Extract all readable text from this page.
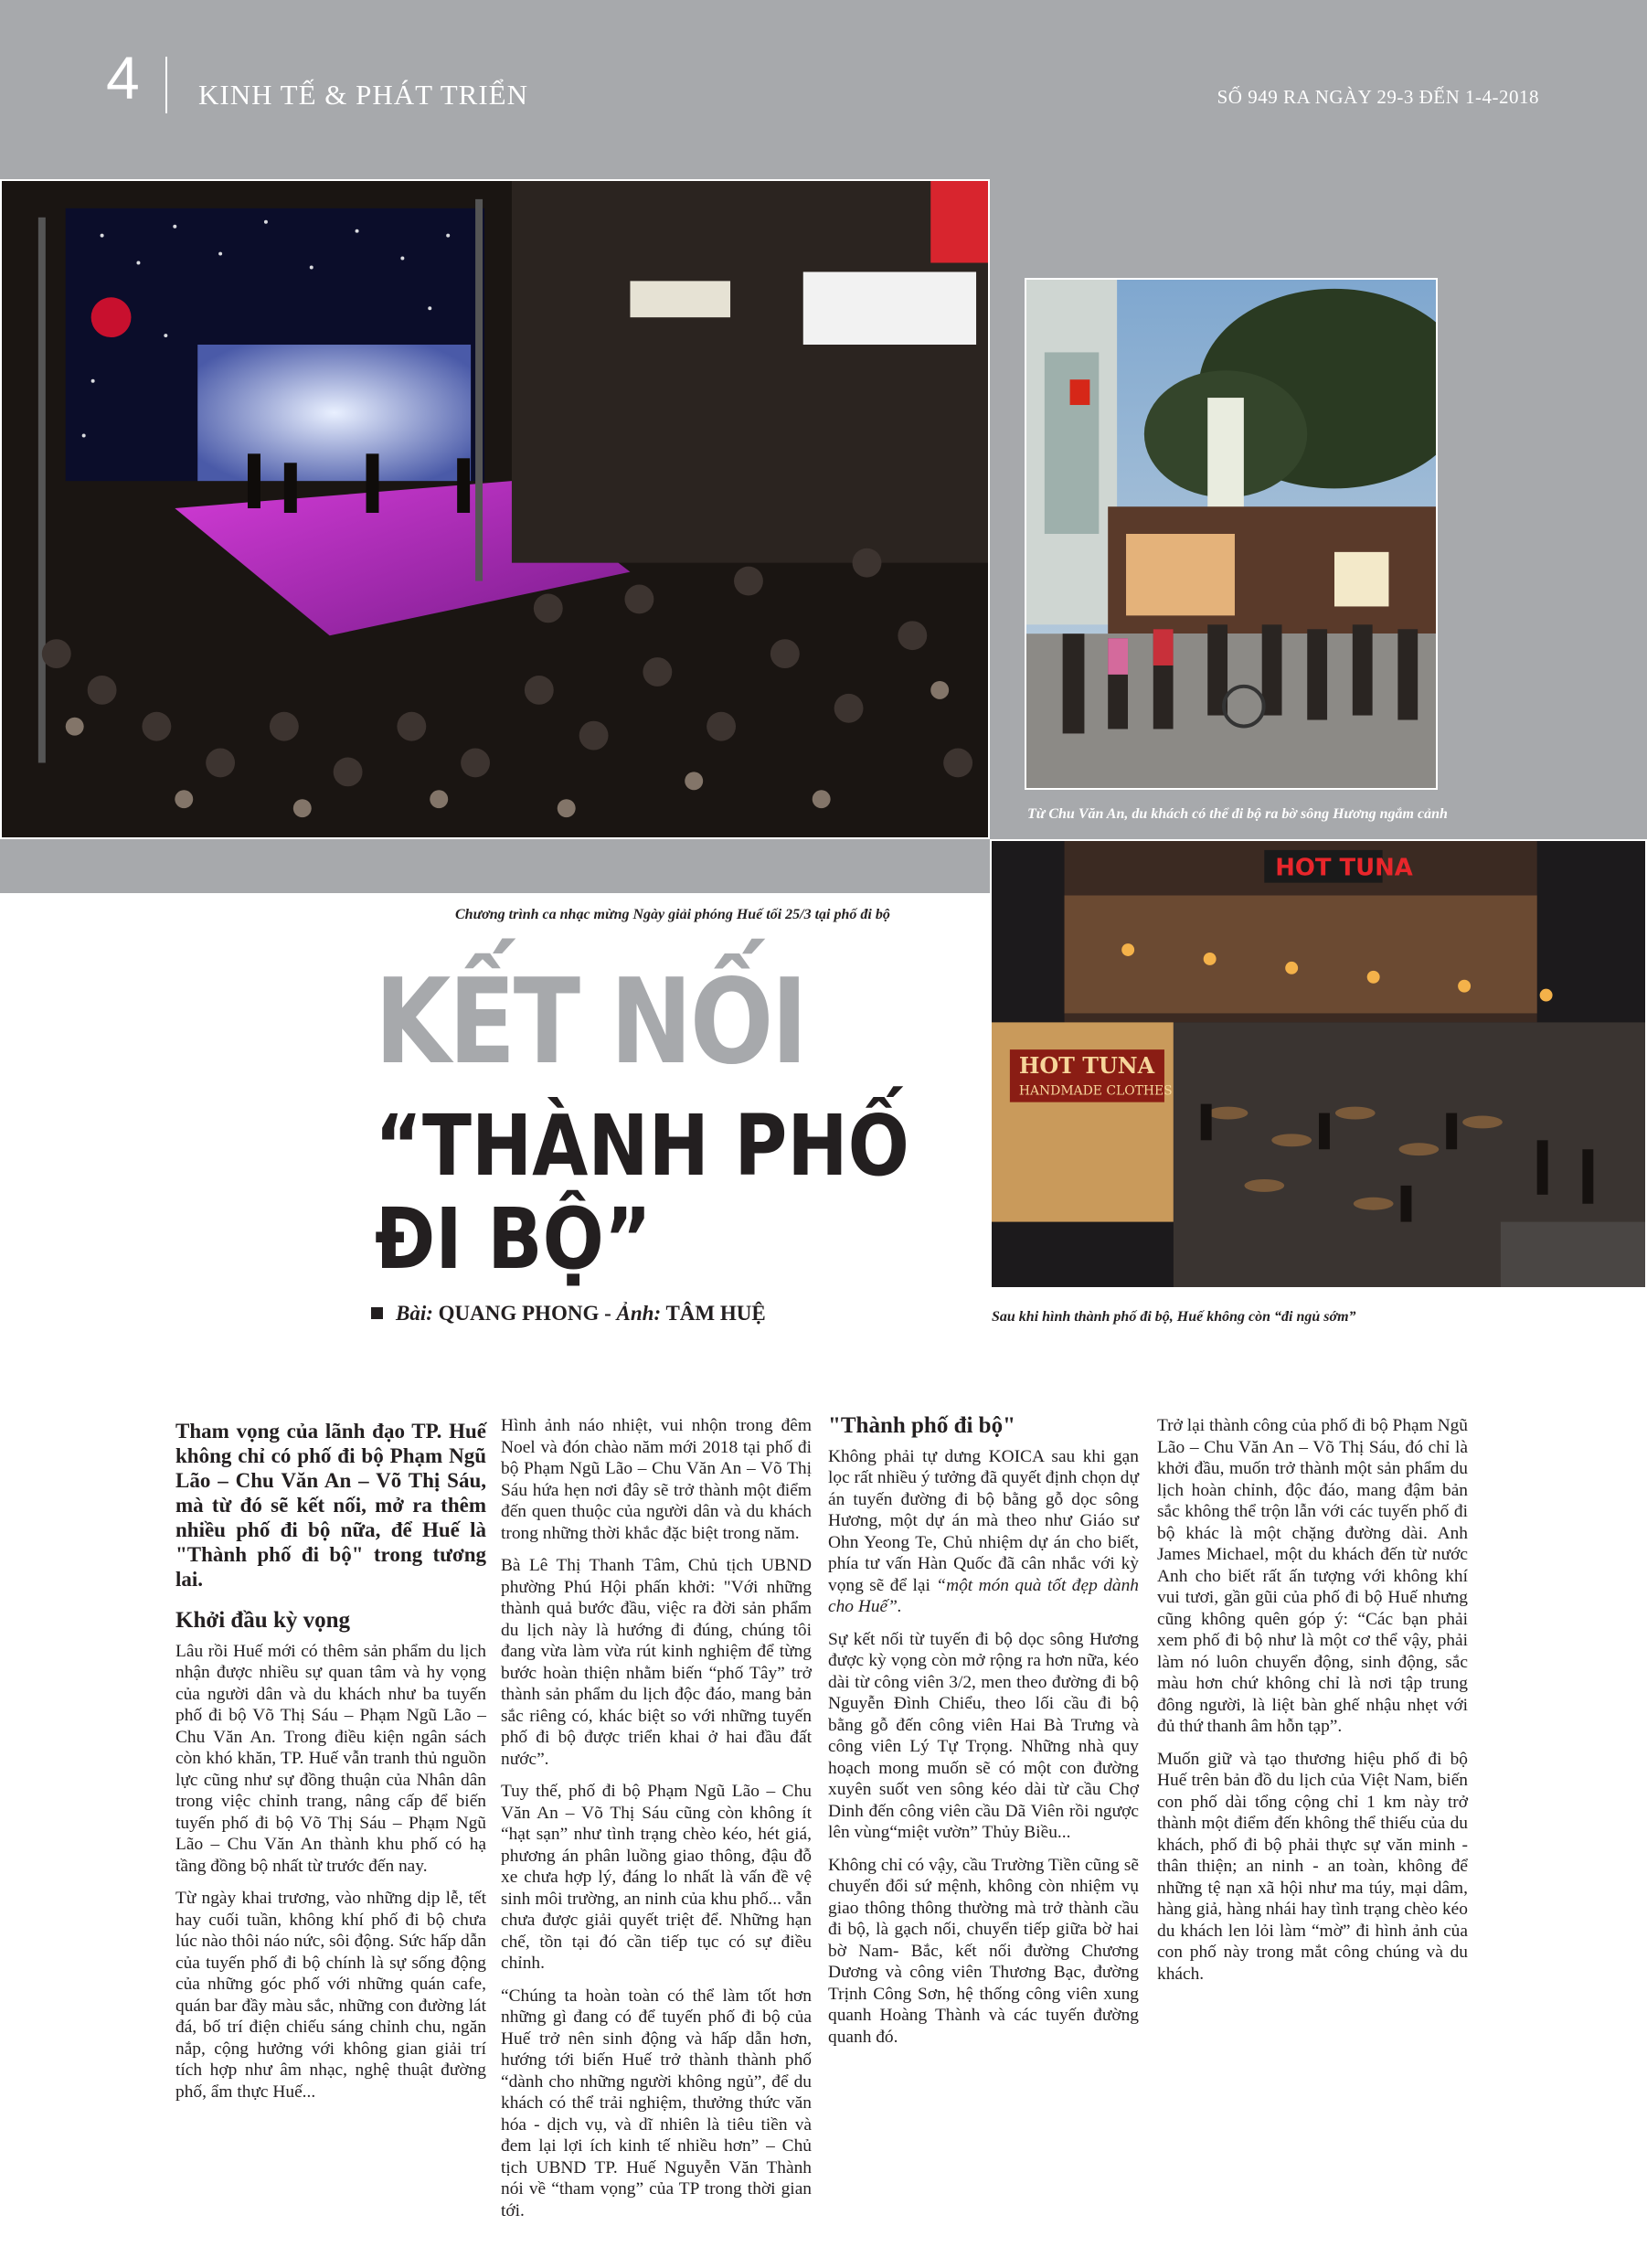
4 KINH TẾ & PHÁT TRIỂN	SỐ 949 RA NGÀY 29-3 ĐẾN 1-4-2018
HOT TUNA
HOT TUNA
HANDMADE CLOTHES
Từ Chu Văn An, du khách có thể đi bộ ra bờ sông Hương ngắm cảnh
Chương trình ca nhạc mừng Ngày giải phóng Huế tối 25/3 tại phố đi bộ
Sau khi hình thành phố đi bộ, Huế không còn “đi ngủ sớm”
KẾT NỐI
“THÀNH PHỐ
ĐI BỘ”
Bài: QUANG PHONG - Ảnh: TÂM HUỆ

Tham vọng của lãnh đạo TP. Huế không chỉ có phố đi bộ Phạm Ngũ Lão – Chu Văn An – Võ Thị Sáu, mà từ đó sẽ kết nối, mở ra thêm nhiều phố đi bộ nữa, để Huế là "Thành phố đi bộ" trong tương lai.

Khởi đầu kỳ vọng

Lâu rồi Huế mới có thêm sản phẩm du lịch nhận được nhiều sự quan tâm và hy vọng của người dân và du khách như ba tuyến phố đi bộ Võ Thị Sáu – Phạm Ngũ Lão – Chu Văn An. Trong điều kiện ngân sách còn khó khăn, TP. Huế vẫn tranh thủ nguồn lực cũng như sự đồng thuận của Nhân dân trong việc chỉnh trang, nâng cấp để biến tuyến phố đi bộ Võ Thị Sáu – Phạm Ngũ Lão – Chu Văn An thành khu phố có hạ tầng đồng bộ nhất từ trước đến nay.

Từ ngày khai trương, vào những dịp lễ, tết hay cuối tuần, không khí phố đi bộ chưa lúc nào thôi náo nức, sôi động. Sức hấp dẫn của tuyến phố đi bộ chính là sự sống động của những góc phố với những quán cafe, quán bar đầy màu sắc, những con đường lát đá, bố trí điện chiếu sáng chỉnh chu, ngăn nắp, cộng hưởng với không gian giải trí tích hợp như âm nhạc, nghệ thuật đường phố, ẩm thực Huế...

Hình ảnh náo nhiệt, vui nhộn trong đêm Noel và đón chào năm mới 2018 tại phố đi bộ Phạm Ngũ Lão – Chu Văn An – Võ Thị Sáu hứa hẹn nơi đây sẽ trở thành một điểm đến quen thuộc của người dân và du khách trong những thời khắc đặc biệt trong năm.

Bà Lê Thị Thanh Tâm, Chủ tịch UBND phường Phú Hội phấn khởi: "Với những thành quả bước đầu, việc ra đời sản phẩm du lịch này là hướng đi đúng, chúng tôi đang vừa làm vừa rút kinh nghiệm để từng bước hoàn thiện nhằm biến “phố Tây” trở thành sản phẩm du lịch độc đáo, mang bản sắc riêng có, khác biệt so với những tuyến phố đi bộ được triển khai ở hai đầu đất nước”.

Tuy thế, phố đi bộ Phạm Ngũ Lão – Chu Văn An – Võ Thị Sáu cũng còn không ít “hạt sạn” như tình trạng chèo kéo, hét giá, phương án phân luồng giao thông, đậu đỗ xe chưa hợp lý, đáng lo nhất là vấn đề vệ sinh môi trường, an ninh của khu phố... vẫn chưa được giải quyết triệt để. Những hạn chế, tồn tại đó cần tiếp tục có sự điều chỉnh.

“Chúng ta hoàn toàn có thể làm tốt hơn những gì đang có để tuyến phố đi bộ của Huế trở nên sinh động và hấp dẫn hơn, hướng tới biến Huế trở thành thành phố “dành cho những người không ngủ”, để du khách có thể trải nghiệm, thưởng thức văn hóa - dịch vụ, và dĩ nhiên là tiêu tiền và đem lại lợi ích kinh tế nhiều hơn” – Chủ tịch UBND TP. Huế Nguyễn Văn Thành nói về “tham vọng” của TP trong thời gian tới.

"Thành phố đi bộ"

Không phải tự dưng KOICA sau khi gạn lọc rất nhiều ý tưởng đã quyết định chọn dự án tuyến đường đi bộ bằng gỗ dọc sông Hương, một dự án mà theo như Giáo sư Ohn Yeong Te, Chủ nhiệm dự án cho biết, phía tư vấn Hàn Quốc đã cân nhắc với kỳ vọng sẽ để lại “một món quà tốt đẹp dành cho Huế”.

Sự kết nối từ tuyến đi bộ dọc sông Hương được kỳ vọng còn mở rộng ra hơn nữa, kéo dài từ công viên 3/2, men theo đường đi bộ Nguyễn Đình Chiểu, theo lối cầu đi bộ bằng gỗ đến công viên Hai Bà Trưng và công viên Lý Tự Trọng. Những nhà quy hoạch mong muốn sẽ có một con đường xuyên suốt ven sông kéo dài từ cầu Chợ Dinh đến công viên cầu Dã Viên rồi ngược lên vùng“miệt vườn” Thủy Biều...

Không chỉ có vậy, cầu Trường Tiền cũng sẽ chuyển đổi sứ mệnh, không còn nhiệm vụ giao thông thông thường mà trở thành cầu đi bộ, là gạch nối, chuyển tiếp giữa bờ hai bờ Nam- Bắc, kết nối đường Chương Dương và công viên Thương Bạc, đường Trịnh Công Sơn, hệ thống công viên xung quanh Hoàng Thành và các tuyến đường quanh đó.

Trở lại thành công của phố đi bộ Phạm Ngũ Lão – Chu Văn An – Võ Thị Sáu, đó chỉ là khởi đầu, muốn trở thành một sản phẩm du lịch hoàn chỉnh, độc đáo, mang đậm bản sắc không thể trộn lẫn với các tuyến phố đi bộ khác là một chặng đường dài. Anh James Michael, một du khách đến từ nước Anh cho biết rất ấn tượng với không khí vui tươi, gần gũi của phố đi bộ Huế nhưng cũng không quên góp ý: “Các bạn phải xem phố đi bộ như là một cơ thể vậy, phải làm nó luôn chuyển động, sinh động, sắc màu hơn chứ không chỉ là nơi tập trung đông người, là liệt bàn ghế nhậu nhẹt với đủ thứ thanh âm hỗn tạp”.

Muốn giữ và tạo thương hiệu phố đi bộ Huế trên bản đồ du lịch của Việt Nam, biến con phố dài tổng cộng chỉ 1 km này trở thành một điểm đến không thể thiếu của du khách, phố đi bộ phải thực sự văn minh - thân thiện; an ninh - an toàn, không để những tệ nạn xã hội như ma túy, mại dâm, hàng giả, hàng nhái hay tình trạng chèo kéo du khách len lỏi làm “mờ” đi hình ảnh của con phố này trong mắt công chúng và du khách.
